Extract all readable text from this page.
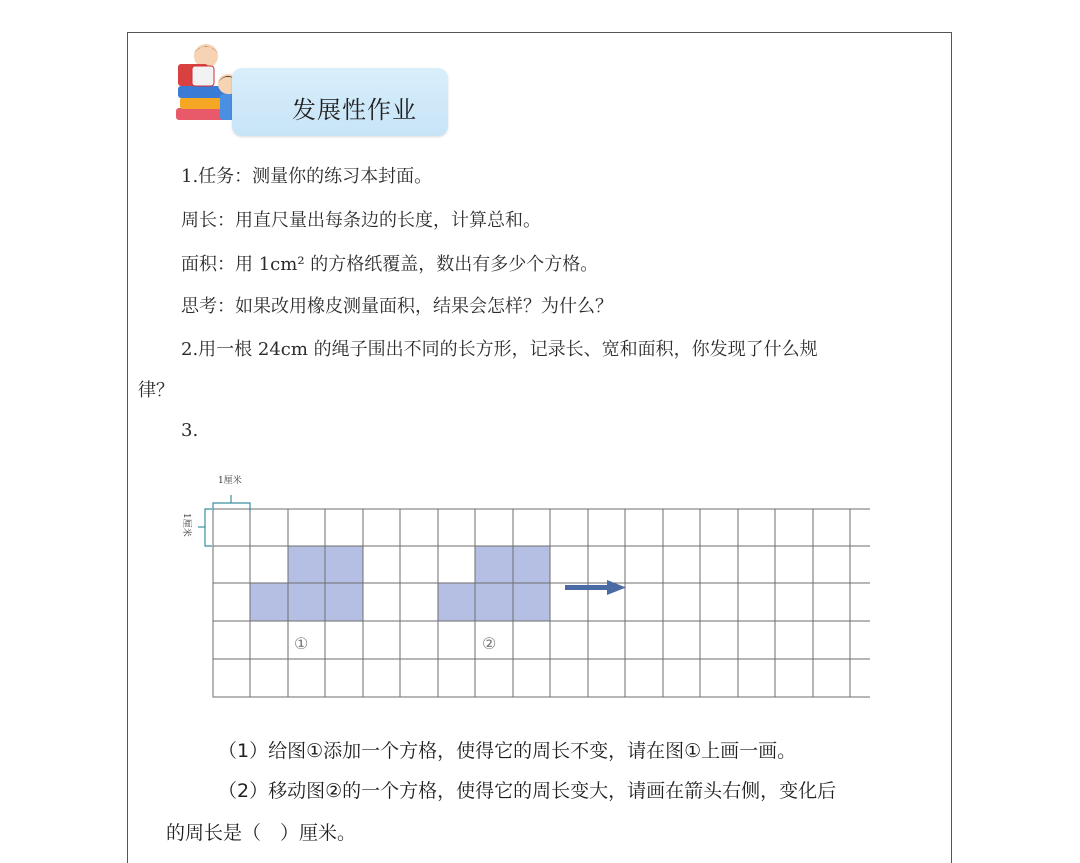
发展性作业
1.任务：测量你的练习本封面。
周长：用直尺量出每条边的长度，计算总和。
面积：用 1cm² 的方格纸覆盖，数出有多少个方格。
思考：如果改用橡皮测量面积，结果会怎样？为什么？
2.用一根 24cm 的绳子围出不同的长方形，记录长、宽和面积，你发现了什么规
律？
3.
1厘米
1厘米
①	②
（1）给图①添加一个方格，使得它的周长不变，请在图①上画一画。
（2）移动图②的一个方格，使得它的周长变大，请画在箭头右侧，变化后
的周长是（　）厘米。
